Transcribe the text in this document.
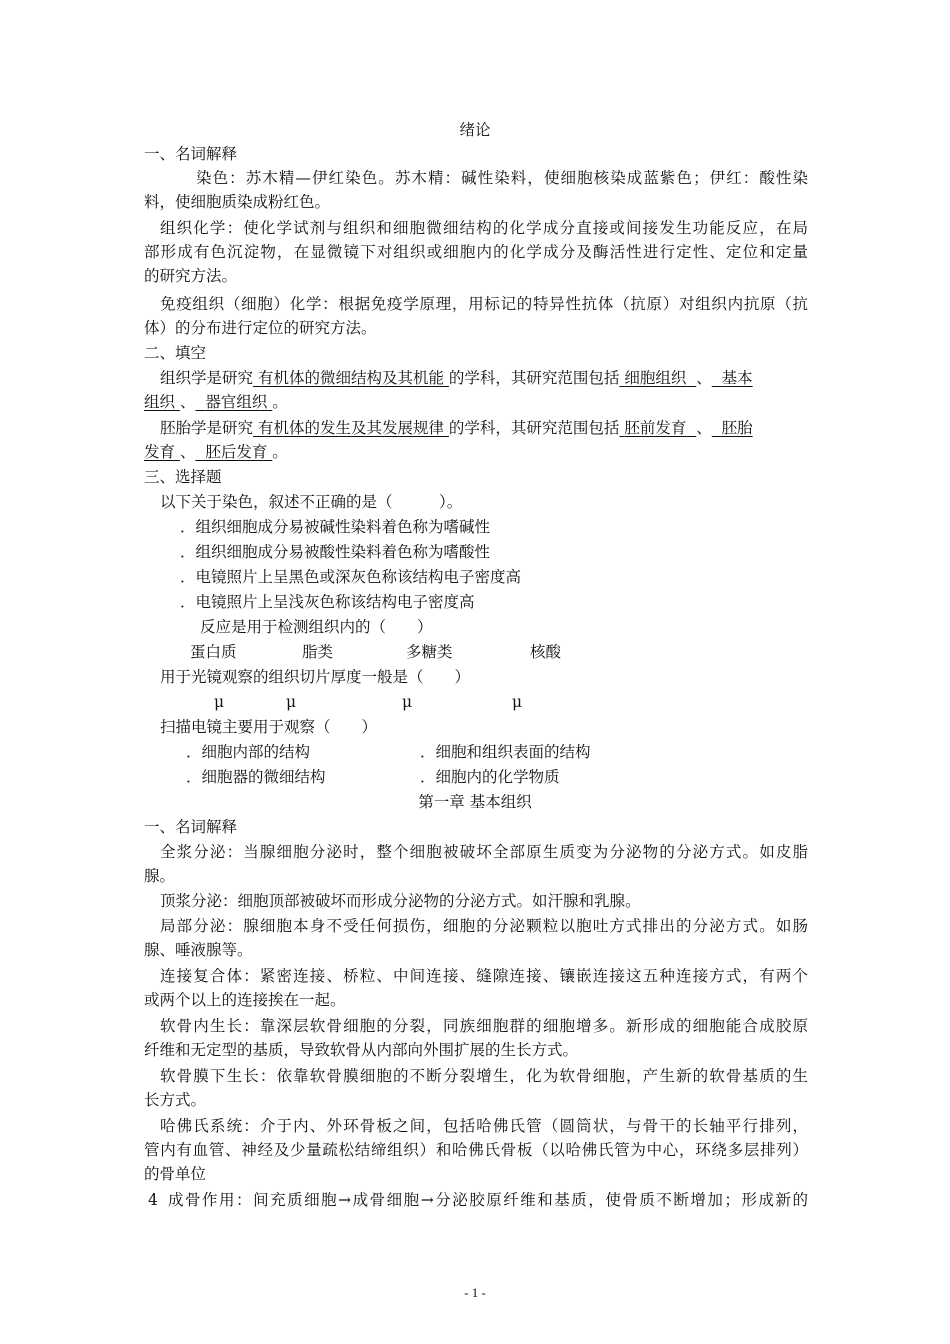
绪论
一、名词解释
染色：苏木精—伊红染色。苏木精：碱性染料，使细胞核染成蓝紫色；伊红：酸性染
料，使细胞质染成粉红色。
组织化学：使化学试剂与组织和细胞微细结构的化学成分直接或间接发生功能反应，在局
部形成有色沉淀物，在显微镜下对组织或细胞内的化学成分及酶活性进行定性、定位和定量
的研究方法。
免疫组织（细胞）化学：根据免疫学原理，用标记的特异性抗体（抗原）对组织内抗原（抗
体）的分布进行定位的研究方法。
二、填空
组织学是研究 有机体的微细结构及其机能 的学科，其研究范围包括 细胞组织 、 基本
组织 、 器官组织 。
胚胎学是研究 有机体的发生及其发展规律 的学科，其研究范围包括 胚前发育 、 胚胎
发育 、 胚后发育 。
三、选择题
以下关于染色，叙述不正确的是（　　　）。
．组织细胞成分易被碱性染料着色称为嗜碱性
．组织细胞成分易被酸性染料着色称为嗜酸性
．电镜照片上呈黑色或深灰色称该结构电子密度高
．电镜照片上呈浅灰色称该结构电子密度高
反应是用于检测组织内的（　　）
蛋白质	脂类	多糖类	核酸
用于光镜观察的组织切片厚度一般是（　　）
μ	μ	μ	μ
扫描电镜主要用于观察（　　）
．细胞内部的结构	．细胞和组织表面的结构
．细胞器的微细结构	．细胞内的化学物质
第一章 基本组织
一、名词解释
全浆分泌：当腺细胞分泌时，整个细胞被破坏全部原生质变为分泌物的分泌方式。如皮脂
腺。
顶浆分泌：细胞顶部被破坏而形成分泌物的分泌方式。如汗腺和乳腺。
局部分泌：腺细胞本身不受任何损伤，细胞的分泌颗粒以胞吐方式排出的分泌方式。如肠
腺、唾液腺等。
连接复合体：紧密连接、桥粒、中间连接、缝隙连接、镶嵌连接这五种连接方式，有两个
或两个以上的连接挨在一起。
软骨内生长：靠深层软骨细胞的分裂，同族细胞群的细胞增多。新形成的细胞能合成胶原
纤维和无定型的基质，导致软骨从内部向外围扩展的生长方式。
软骨膜下生长：依靠软骨膜细胞的不断分裂增生，化为软骨细胞，产生新的软骨基质的生
长方式。
哈佛氏系统：介于内、外环骨板之间，包括哈佛氏管（圆筒状，与骨干的长轴平行排列，
管内有血管、神经及少量疏松结缔组织）和哈佛氏骨板（以哈佛氏管为中心，环绕多层排列）
的骨单位
4 成骨作用：间充质细胞→成骨细胞→分泌胶原纤维和基质，使骨质不断增加；形成新的
- 1 -
